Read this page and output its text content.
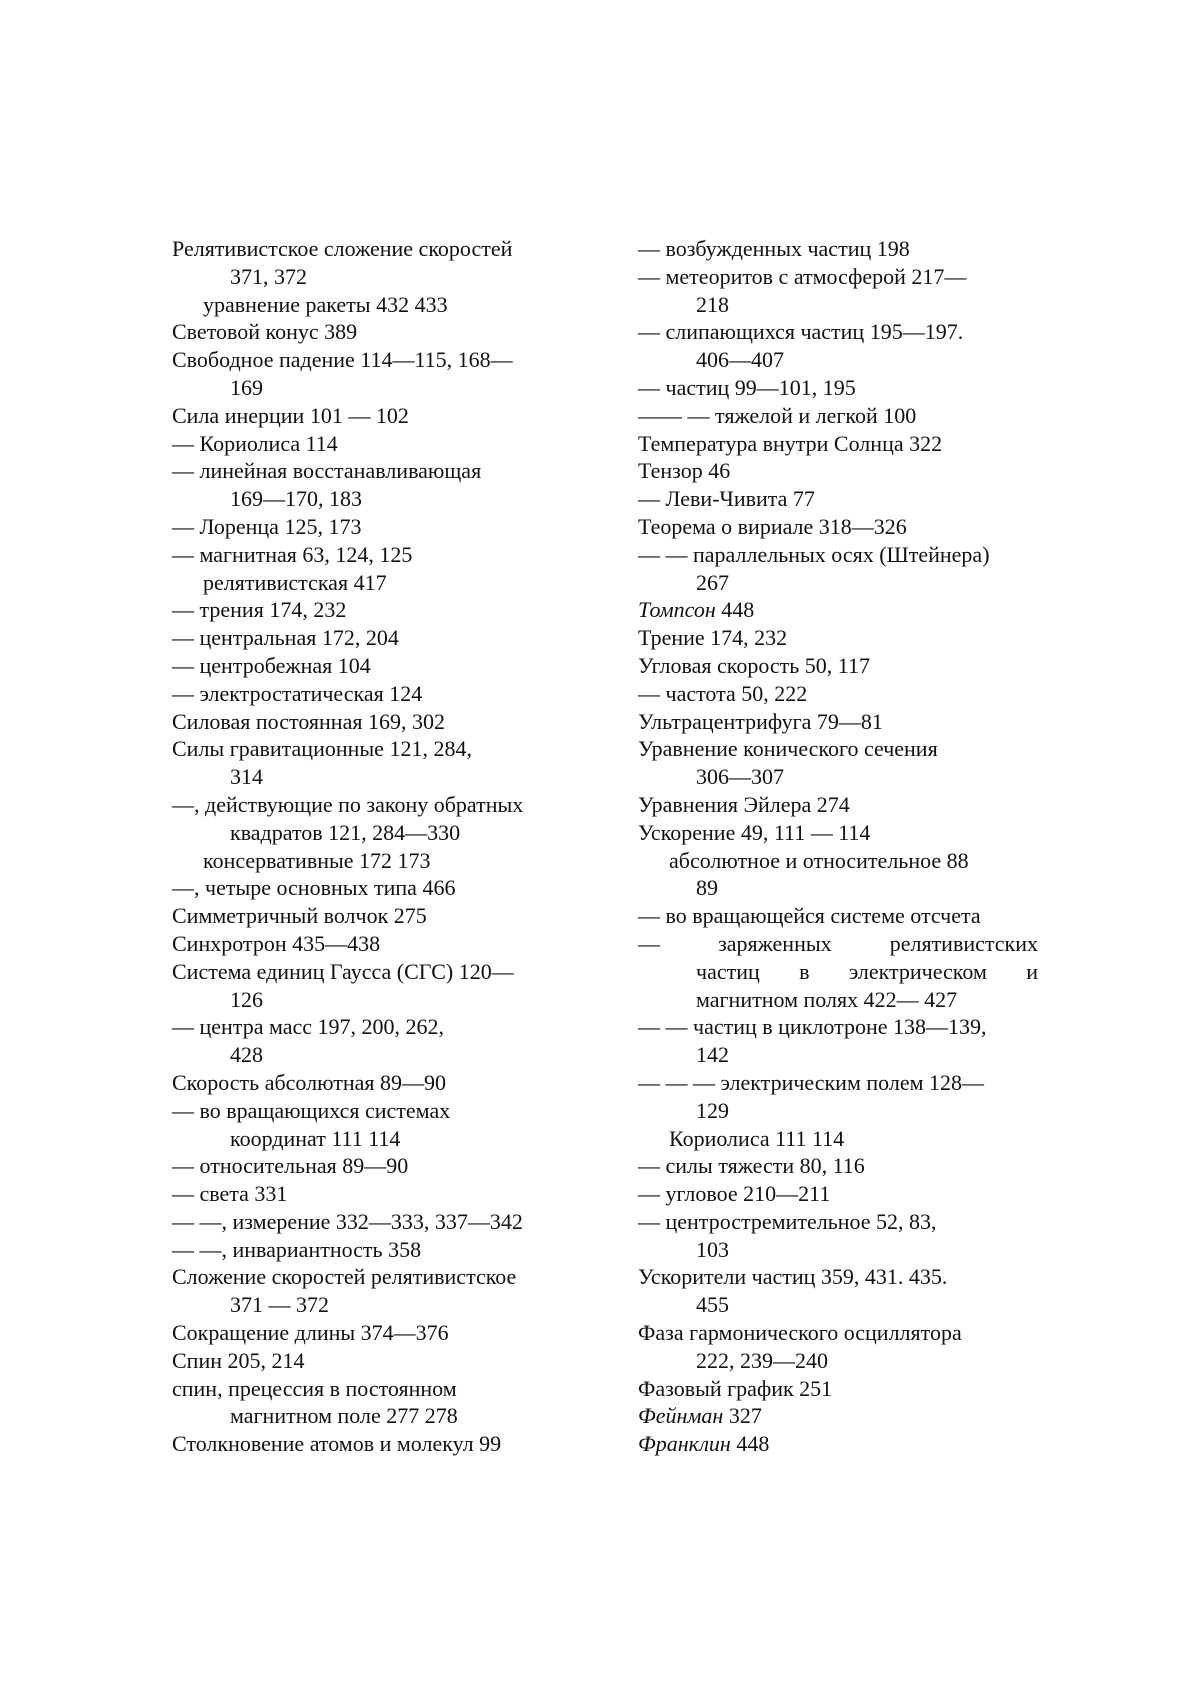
Релятивистское сложение скоростей
371, 372
уравнение ракеты 432 433
Световой конус 389
Свободное падение 114—115, 168—
169
Сила инерции 101 — 102
— Кориолиса 114
— линейная восстанавливающая
169—170, 183
— Лоренца 125, 173
— магнитная 63, 124, 125
релятивистская 417
— трения 174, 232
— центральная 172, 204
— центробежная 104
— электростатическая 124
Силовая постоянная 169, 302
Силы гравитационные 121, 284,
314
—, действующие по закону обратных
квадратов 121, 284—330
консервативные 172 173
—, четыре основных типа 466
Симметричный волчок 275
Синхротрон 435—438
Система единиц Гаусса (СГС) 120—
126
— центра масс 197, 200, 262,
428
Скорость абсолютная 89—90
— во вращающихся системах
координат 111 114
— относительная 89—90
— света 331
— —, измерение 332—333, 337—342
— —, инвариантность 358
Сложение скоростей релятивистское
371 — 372
Сокращение длины 374—376
Спин 205, 214
спин, прецессия в постоянном
магнитном поле 277 278
Столкновение атомов и молекул 99
— возбужденных частиц 198
— метеоритов с атмосферой 217—
218
— слипающихся частиц 195—197.
406—407
— частиц 99—101, 195
—— — тяжелой и легкой 100
Температура внутри Солнца 322
Тензор 46
— Леви-Чивита 77
Теорема о вириале 318—326
— — параллельных осях (Штейнера)
267
Томпсон 448
Трение 174, 232
Угловая скорость 50, 117
— частота 50, 222
Ультрацентрифуга 79—81
Уравнение конического сечения
306—307
Уравнения Эйлера 274
Ускорение 49, 111 — 114
абсолютное и относительное 88
89
— во вращающейся системе отсчета
— заряженных релятивистских
частиц в электрическом и
магнитном полях 422— 427
— — частиц в циклотроне 138—139,
142
— — — электрическим полем 128—
129
Кориолиса 111 114
— силы тяжести 80, 116
— угловое 210—211
— центростремительное 52, 83,
103
Ускорители частиц 359, 431. 435.
455
Фаза гармонического осциллятора
222, 239—240
Фазовый график 251
Фейнман 327
Франклин 448
